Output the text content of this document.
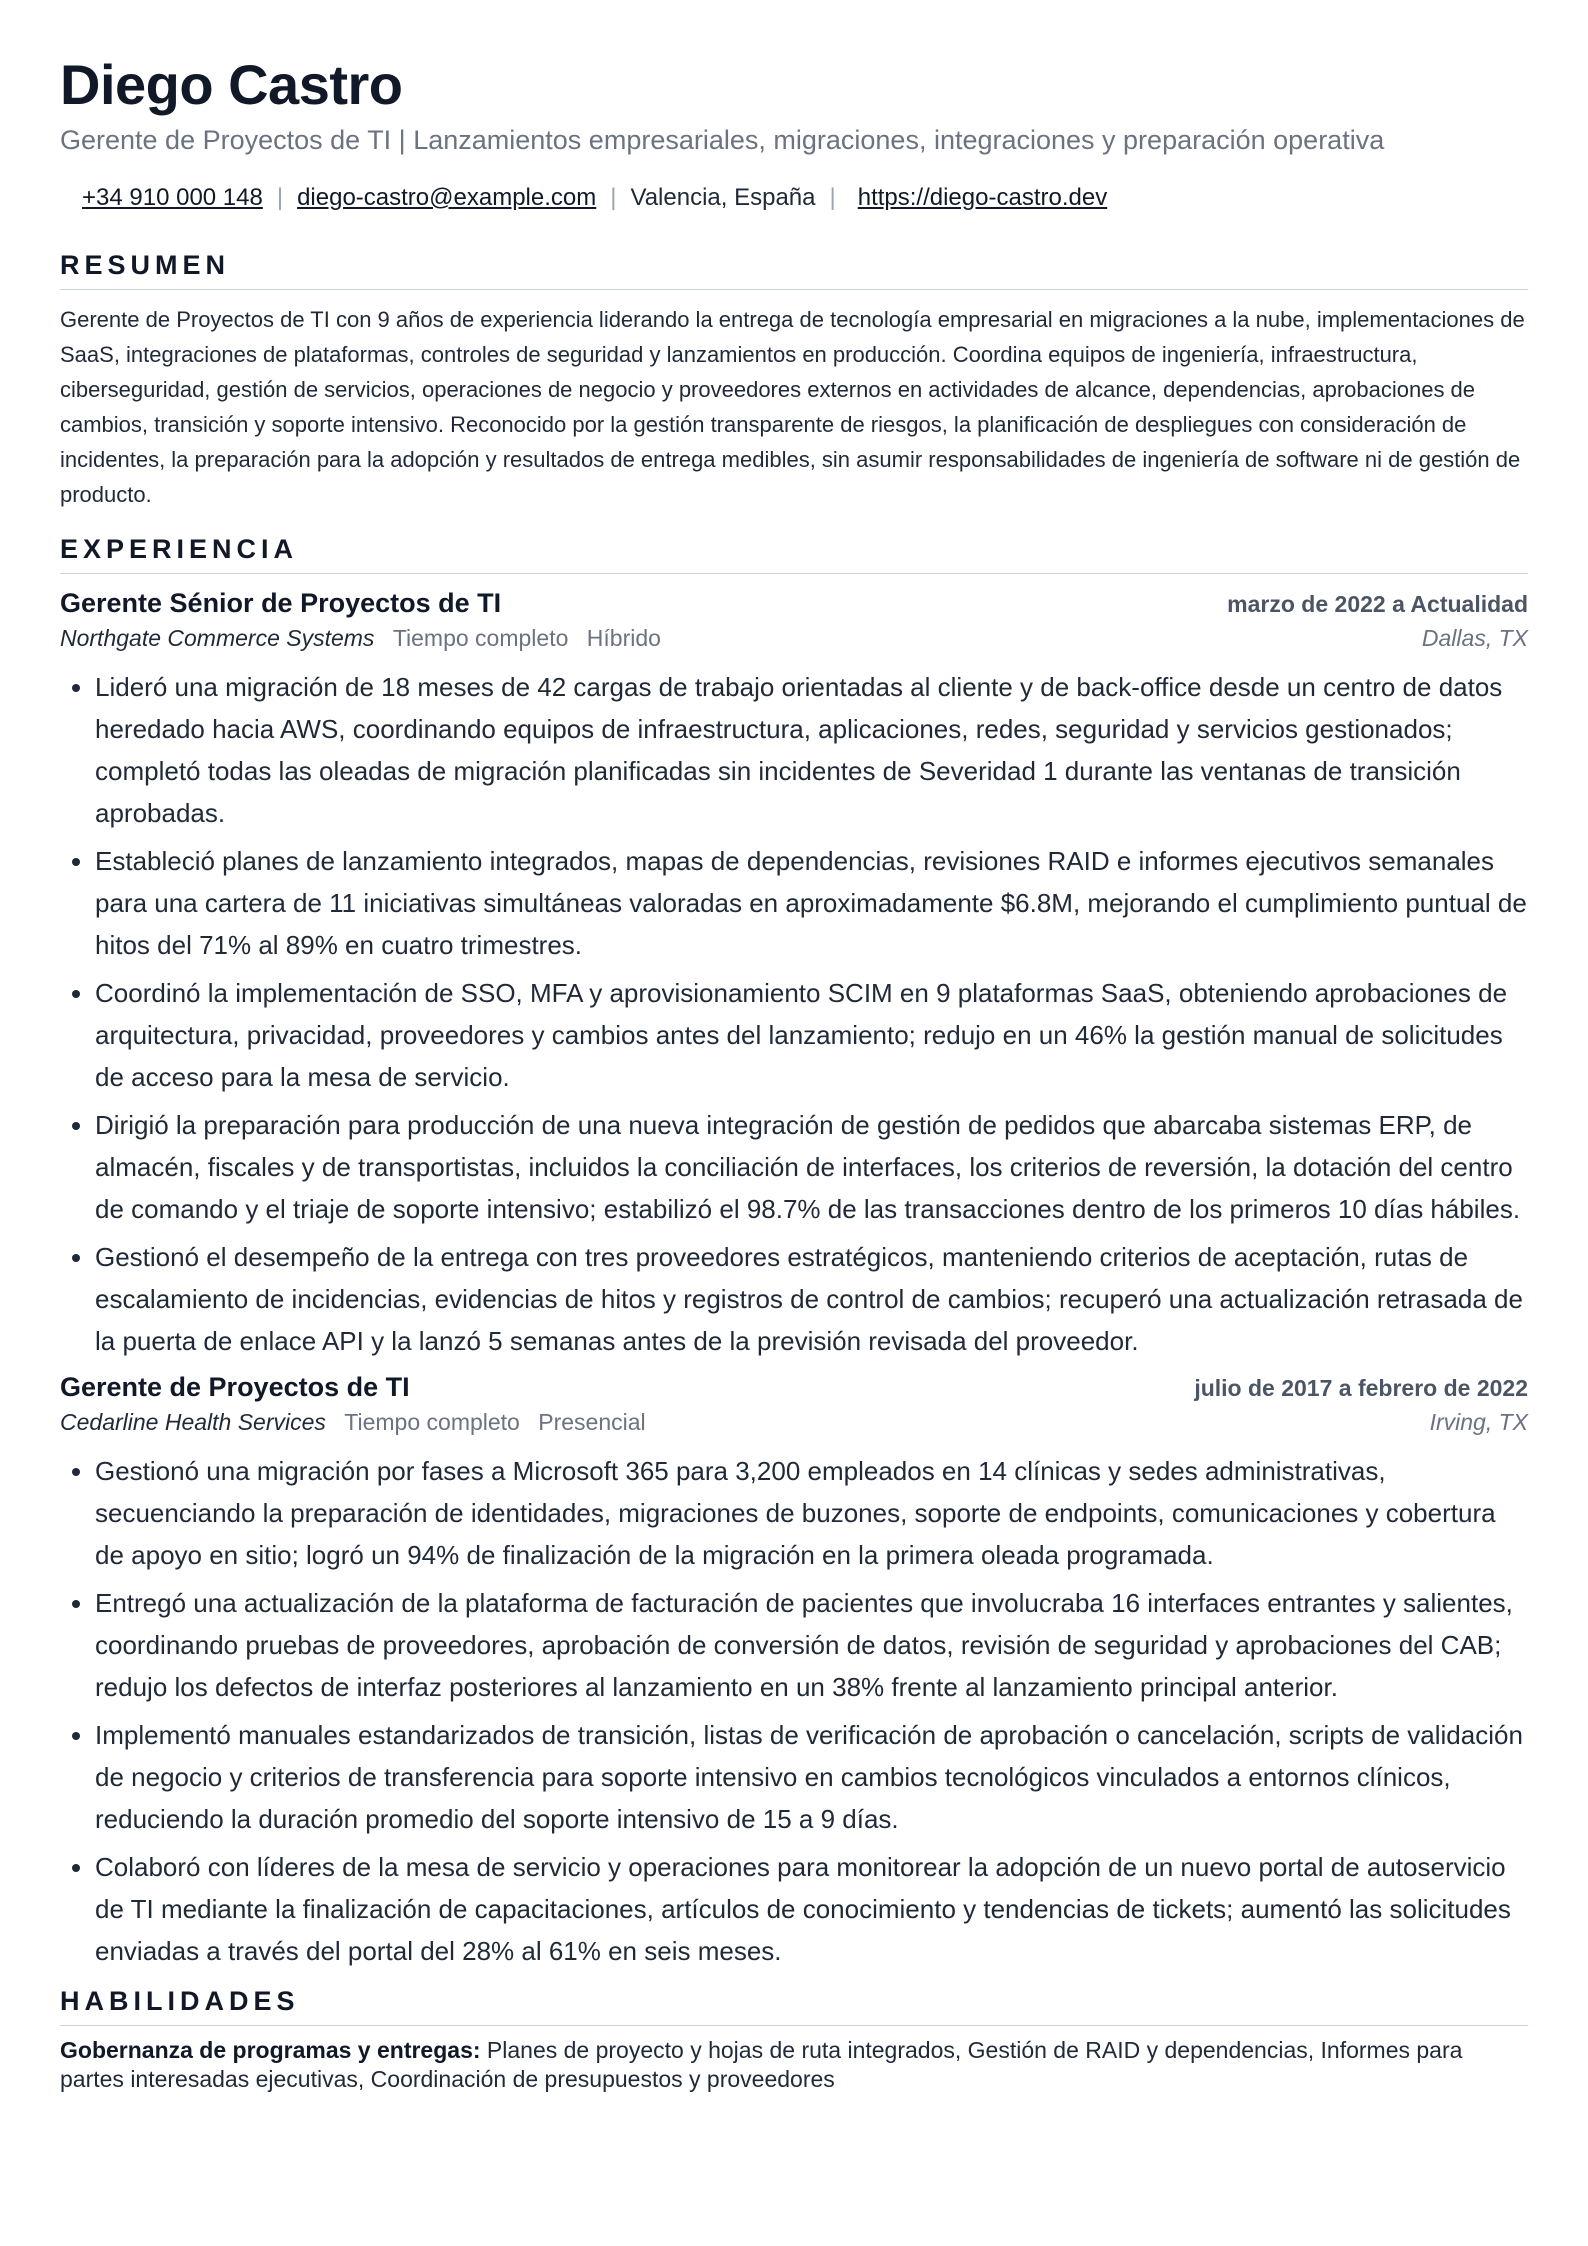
Diego Castro
Gerente de Proyectos de TI | Lanzamientos empresariales, migraciones, integraciones y preparación operativa
+34 910 000 148 | diego-castro@example.com | Valencia, España | https://diego-castro.dev
RESUMEN

Gerente de Proyectos de TI con 9 años de experiencia liderando la entrega de tecnología empresarial en migraciones a la nube, implementaciones de SaaS, integraciones de plataformas, controles de seguridad y lanzamientos en producción. Coordina equipos de ingeniería, infraestructura, ciberseguridad, gestión de servicios, operaciones de negocio y proveedores externos en actividades de alcance, dependencias, aprobaciones de cambios, transición y soporte intensivo. Reconocido por la gestión transparente de riesgos, la planificación de despliegues con consideración de incidentes, la preparación para la adopción y resultados de entrega medibles, sin asumir responsabilidades de ingeniería de software ni de gestión de producto.

EXPERIENCIA
Gerente Sénior de Proyectos de TI	marzo de 2022 a Actualidad
Northgate Commerce Systems Tiempo completo Híbrido	Dallas, TX
• Lideró una migración de 18 meses de 42 cargas de trabajo orientadas al cliente y de back-office desde un centro de datos heredado hacia AWS, coordinando equipos de infraestructura, aplicaciones, redes, seguridad y servicios gestionados; completó todas las oleadas de migración planificadas sin incidentes de Severidad 1 durante las ventanas de transición aprobadas.
• Estableció planes de lanzamiento integrados, mapas de dependencias, revisiones RAID e informes ejecutivos semanales para una cartera de 11 iniciativas simultáneas valoradas en aproximadamente $6.8M, mejorando el cumplimiento puntual de hitos del 71% al 89% en cuatro trimestres.
• Coordinó la implementación de SSO, MFA y aprovisionamiento SCIM en 9 plataformas SaaS, obteniendo aprobaciones de arquitectura, privacidad, proveedores y cambios antes del lanzamiento; redujo en un 46% la gestión manual de solicitudes de acceso para la mesa de servicio.
• Dirigió la preparación para producción de una nueva integración de gestión de pedidos que abarcaba sistemas ERP, de almacén, fiscales y de transportistas, incluidos la conciliación de interfaces, los criterios de reversión, la dotación del centro de comando y el triaje de soporte intensivo; estabilizó el 98.7% de las transacciones dentro de los primeros 10 días hábiles.
• Gestionó el desempeño de la entrega con tres proveedores estratégicos, manteniendo criterios de aceptación, rutas de escalamiento de incidencias, evidencias de hitos y registros de control de cambios; recuperó una actualización retrasada de la puerta de enlace API y la lanzó 5 semanas antes de la previsión revisada del proveedor.
Gerente de Proyectos de TI	julio de 2017 a febrero de 2022
Cedarline Health Services Tiempo completo Presencial	Irving, TX
• Gestionó una migración por fases a Microsoft 365 para 3,200 empleados en 14 clínicas y sedes administrativas, secuenciando la preparación de identidades, migraciones de buzones, soporte de endpoints, comunicaciones y cobertura de apoyo en sitio; logró un 94% de finalización de la migración en la primera oleada programada.
• Entregó una actualización de la plataforma de facturación de pacientes que involucraba 16 interfaces entrantes y salientes, coordinando pruebas de proveedores, aprobación de conversión de datos, revisión de seguridad y aprobaciones del CAB; redujo los defectos de interfaz posteriores al lanzamiento en un 38% frente al lanzamiento principal anterior.
• Implementó manuales estandarizados de transición, listas de verificación de aprobación o cancelación, scripts de validación de negocio y criterios de transferencia para soporte intensivo en cambios tecnológicos vinculados a entornos clínicos, reduciendo la duración promedio del soporte intensivo de 15 a 9 días.
• Colaboró con líderes de la mesa de servicio y operaciones para monitorear la adopción de un nuevo portal de autoservicio de TI mediante la finalización de capacitaciones, artículos de conocimiento y tendencias de tickets; aumentó las solicitudes enviadas a través del portal del 28% al 61% en seis meses.
HABILIDADES
Gobernanza de programas y entregas: Planes de proyecto y hojas de ruta integrados, Gestión de RAID y dependencias, Informes para partes interesadas ejecutivas, Coordinación de presupuestos y proveedores
